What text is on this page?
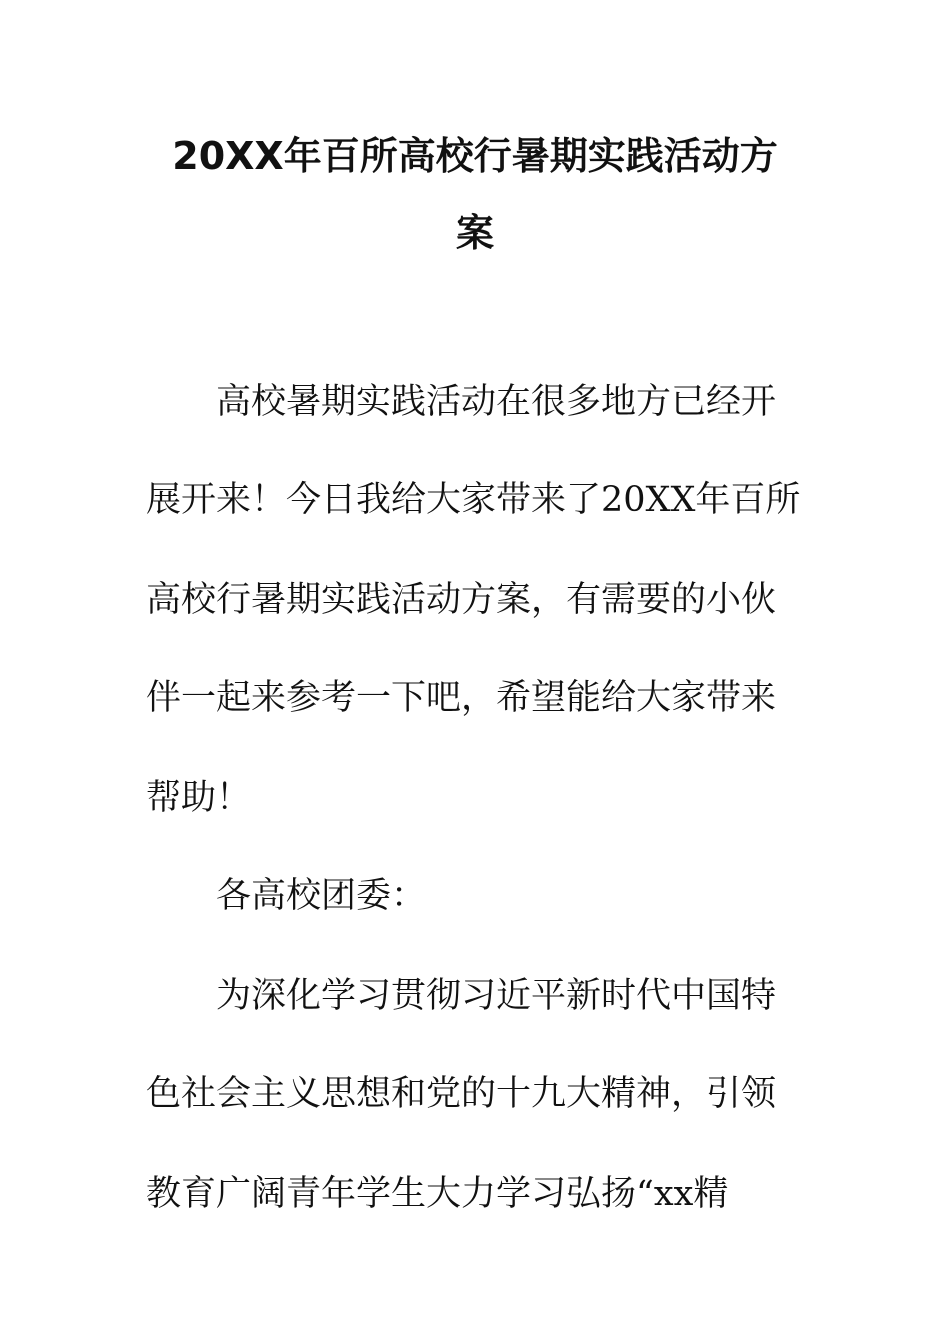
20XX年百所高校行暑期实践活动方
案
高校暑期实践活动在很多地方已经开
展开来！今日我给大家带来了20XX年百所
高校行暑期实践活动方案，有需要的小伙
伴一起来参考一下吧，希望能给大家带来
帮助！
各高校团委：
为深化学习贯彻习近平新时代中国特
色社会主义思想和党的十九大精神，引领
教育广阔青年学生大力学习弘扬“xx精
